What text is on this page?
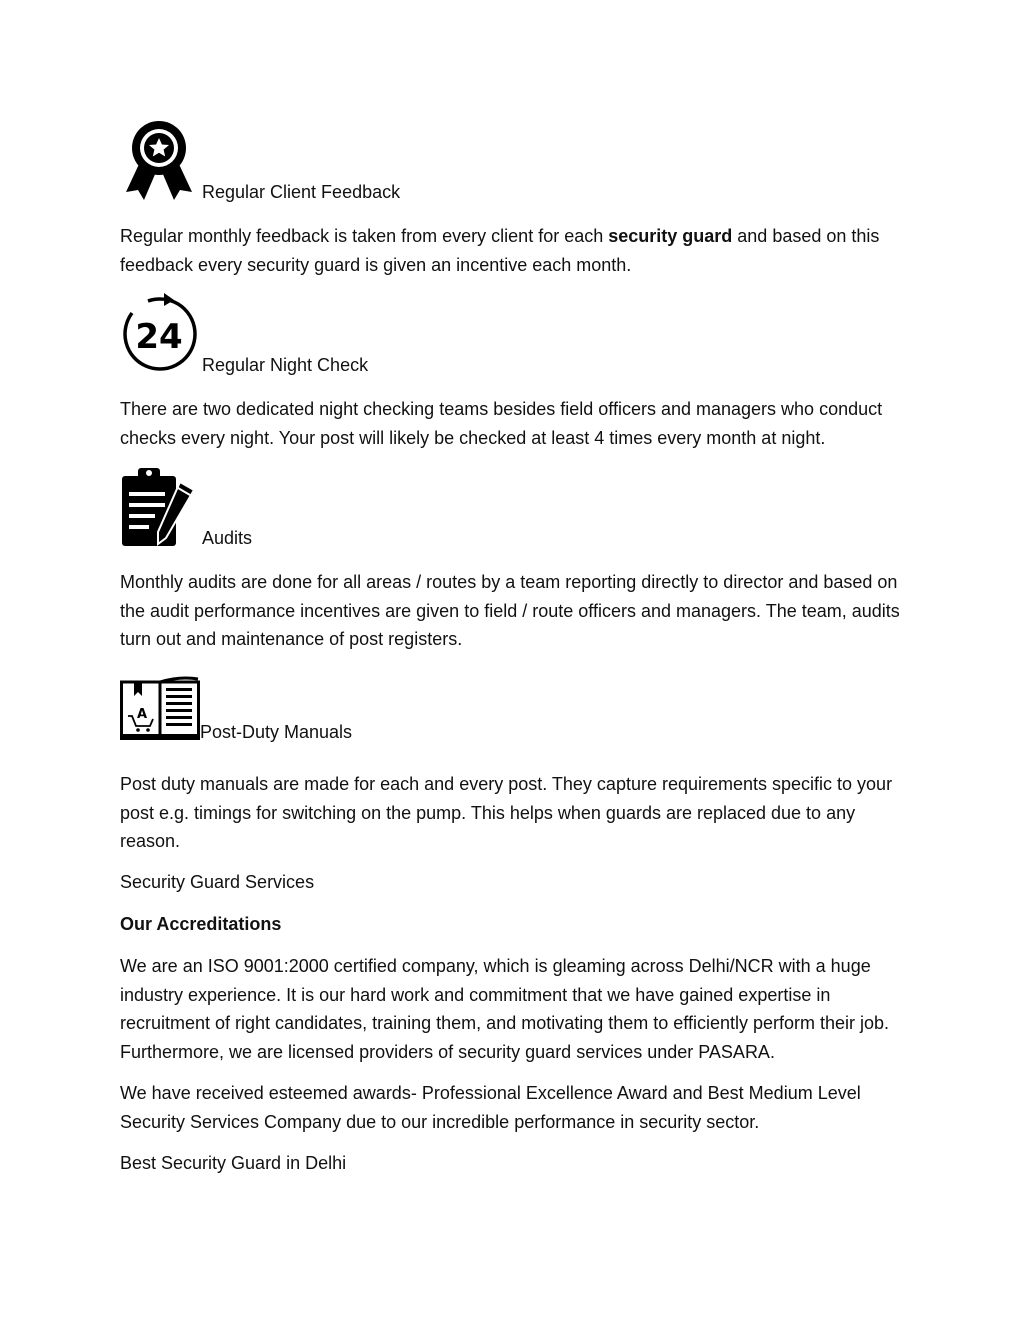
Regular Client Feedback

Regular monthly feedback is taken from every client for each security guard and based on this feedback every security guard is given an incentive each month.

24
Regular Night Check

There are two dedicated night checking teams besides field officers and managers who conduct checks every night. Your post will likely be checked at least 4 times every month at night.

Audits

Monthly audits are done for all areas / routes by a team reporting directly to director and based on the audit performance incentives are given to field / route officers and managers. The team, audits turn out and maintenance of post registers.

A
Post-Duty Manuals

Post duty manuals are made for each and every post. They capture requirements specific to your post e.g. timings for switching on the pump. This helps when guards are replaced due to any reason.

Security Guard Services

Our Accreditations

We are an ISO 9001:2000 certified company, which is gleaming across Delhi/NCR with a huge industry experience. It is our hard work and commitment that we have gained expertise in recruitment of right candidates, training them, and motivating them to efficiently perform their job. Furthermore, we are licensed providers of security guard services under PASARA.

We have received esteemed awards- Professional Excellence Award and Best Medium Level Security Services Company due to our incredible performance in security sector.

Best Security Guard in Delhi
